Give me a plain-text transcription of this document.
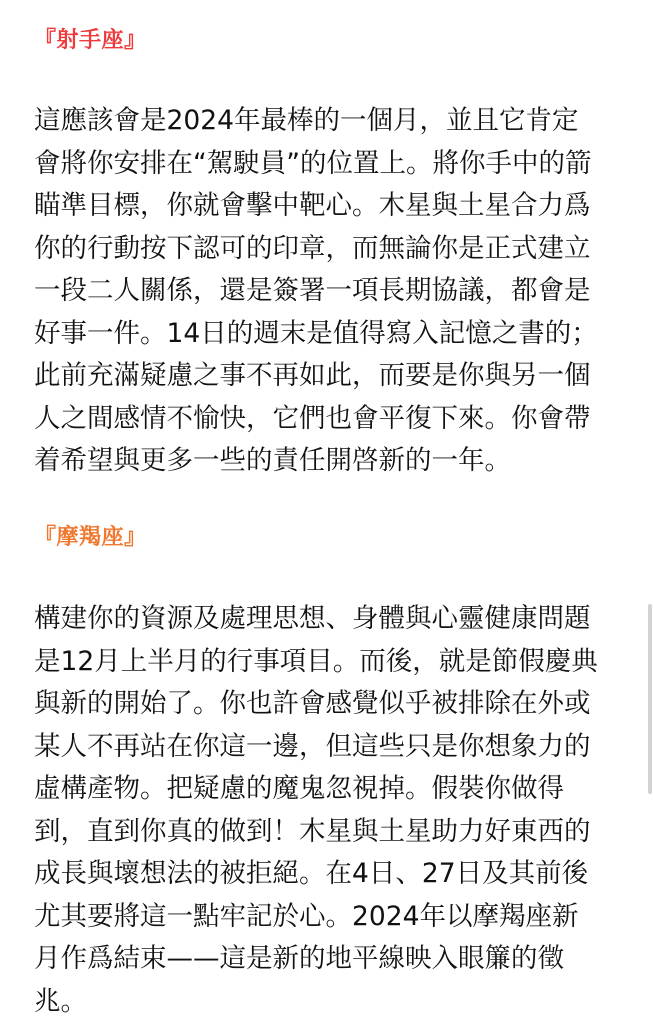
『射手座』
這應該會是2024年最棒的一個月，並且它肯定
會將你安排在“駕駛員”的位置上。將你手中的箭
瞄準目標，你就會擊中靶心。木星與土星合力爲
你的行動按下認可的印章，而無論你是正式建立
一段二人關係，還是簽署一項長期協議，都會是
好事一件。14日的週末是值得寫入記憶之書的；
此前充滿疑慮之事不再如此，而要是你與另一個
人之間感情不愉快，它們也會平復下來。你會帶
着希望與更多一些的責任開啓新的一年。
『摩羯座』
構建你的資源及處理思想、身體與心靈健康問題
是12月上半月的行事項目。而後，就是節假慶典
與新的開始了。你也許會感覺似乎被排除在外或
某人不再站在你這一邊，但這些只是你想象力的
虛構產物。把疑慮的魔鬼忽視掉。假裝你做得
到，直到你真的做到！木星與土星助力好東西的
成長與壞想法的被拒絕。在4日、27日及其前後
尤其要將這一點牢記於心。2024年以摩羯座新
月作爲結束——這是新的地平線映入眼簾的徵
兆。
